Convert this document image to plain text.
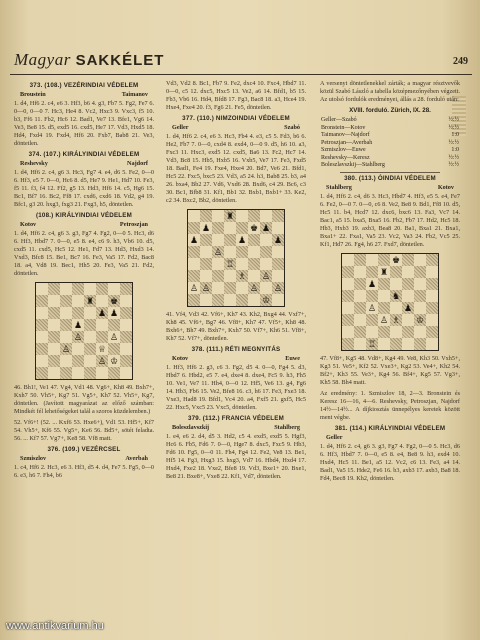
Magyar SAKKÉLET	249
373. (108.) VEZÉRINDIAI VÉDELEM
Broustein	Taimanov
1. d4, Hf6 2. c4, e6 3. Hf3, b6 4. g3, Fb7 5. Fg2, Fe7 6. 0—0, 0—0 7. Hc3, He4 8. Vc2, Hxc3 9. Vxc3, f5 10. b3, Ff6 11. Fb2, Hc6 12. Bad1, Ve7 13. Bfe1, Vg6 14. Ve3, Be8 15. d5, exd5 16. cxd5, He7 17. Vd3, Hxd5 18. Hd4, Fxd4 19. Fxd4, Hf6 20. Fxb7, Bab8 21. Ve3, döntetlen.
374. (107.) KIRÁLYINDIAI VÉDELEM
Reshevsky	Najdorf
1. d4, Hf6 2. c4, g6 3. Hc3, Fg7 4. e4, d6 5. Fe2, 0—0 6. Hf3, e5 7. 0—0, Hc6 8. d5, He7 9. He1, Hd7 10. Fe3, f5 11. f3, f4 12. Ff2, g5 13. Hd3, Hf6 14. c5, Hg6 15. Bc1, Bf7 16. Bc2, Ff8 17. cxd6, cxd6 18. Vd2, g4 19. Bfc1, g3 20. hxg3, fxg3 21. Fxg3, h5, döntetlen.
(108.) KIRÁLYINDIAI VÉDELEM
Kotov	Petroszjan
1. d4, Hf6 2. c4, g6 3. g3, Fg7 4. Fg2, 0—0 5. Hc3, d6 6. Hf3, Hbd7 7. 0—0, e5 8. e4, c6 9. h3, Vb6 10. d5, cxd5 11. cxd5, Hc5 12. He1, Fd7 13. Hd3, Hxd3 14. Vxd3, Bfc8 15. Be1, Bc7 16. Fe3, Va5 17. Fd2, Bac8 18. a4, Vd8 19. Bec1, Hh5 20. Fe3, Va5 21. Fd2, döntetlen.
♜ ♚
♟ ♟
♟
♙	♙
♙	♕
♙ ♔
46. Bh1!, Ve1 47. Vg4, Vd1 48. Vg6+, Kh8 49. Bxh7+, Kxh7 50. Vh5+, Kg7 51. Vg5+, Kh7 52. Vh5+, Kg7, döntetlen. (Javított magyarázat az előző számban: Mindkét fél lehetőségeket talál a szoros küzdelemben.)
52. Vf6+! (52. ... Kxf6 53. Hxe6+), Vd1 53. Hf5+, Kf7 54. Vh5+, Kf6 55. Vg5+, Ke6 56. Bd5+, sötét feladta. 56. ... Kf7 57. Vg7+, Ke8 58. Vf8 matt.
376. (109.) VEZÉRCSEL
Szmiszlov	Averbah
1. c4, Hf6 2. Hc3, e6 3. Hf3, d5 4. d4, Fe7 5. Fg5, 0—0 6. e3, h6 7. Fh4, b6
Vd3, Vd2 8. Bc1, Fb7 9. Fe2, dxc4 10. Fxc4, Hbd7 11. 0—0, c5 12. dxc5, Hxc5 13. Ve2, a6 14. Bfd1, b5 15. Fb3, Vb6 16. Hd4, Bfd8 17. Fg3, Bac8 18. a3, Hce4 19. Hxe4, Fxe4 20. f3, Fg6 21. Fe5, döntetlen.
377. (110.) NIMZOINDIAI VÉDELEM
Geller	Szabó
1. d4, Hf6 2. c4, e6 3. Hc3, Fb4 4. e3, c5 5. Fd3, b6 6. He2, Fb7 7. 0—0, cxd4 8. exd4, 0—0 9. d5, h6 10. a3, Fxc3 11. Hxc3, exd5 12. cxd5, Ba6 13. Fc2, Hc7 14. Vd3, Bc8 15. Hb5, Hxb5 16. Vxb5, Ve7 17. Fe3, Fxd5 18. Bad1, Fe4 19. Fxe4, Hxe4 20. Bd7, Ve6 21. Bfd1, Hc5 22. Fxc5, bxc5 23. Vd3, a5 24. h3, Bab8 25. b3, a4 26. bxa4, Bb2 27. Vd6, Vxd6 28. Bxd6, c4 29. Bc6, c3 30. Bc1, Bfb8 31. Kf1, Bb1 32. Bxb1, Bxb1+ 33. Ke2, c2 34. Bxc2, Bb2, döntetlen.
♜
♟	♚ ♟
♟	♟	♟
♙
♖
♗ ♙
♙ ♙	♙ ♙
♔
41. Vf4, Vd3 42. Vf6+, Kh7 43. Kh2, Bxg4 44. Vxf7+, Kh8 45. Vf6+, Bg7 46. Vf8+, Kh7 47. Vf5+, Kh8 48. Bxh6+, Bh7 49. Bxh7+, Kxh7 50. Vf7+, Kh6 51. Vf8+, Kh7 52. Vf7+, döntetlen.
378. (111.) RÉTI MEGNYITÁS
Kotov	Euwe
1. Hf3, Hf6 2. g3, c6 3. Fg2, d5 4. 0—0, Fg4 5. d3, Hbd7 6. Hbd2, e5 7. e4, dxe4 8. dxe4, Fc5 9. h3, Fh5 10. Ve1, Ve7 11. Hh4, 0—0 12. Hf5, Ve6 13. g4, Fg6 14. Hb3, Fb6 15. Ve2, Bfe8 16. c3, h6 17. Fe3, Fxe3 18. Vxe3, Had8 19. Bfd1, Vc4 20. a4, Fxf5 21. gxf5, Hc5 22. Hxc5, Vxc5 23. Vxc5, döntetlen.
379. (112.) FRANCIA VÉDELEM
Boleszlavszkij	Stahlberg
1. e4, e6 2. d4, d5 3. Hd2, c5 4. exd5, exd5 5. Hgf3, Hc6 6. Fb5, Fd6 7. 0—0, Hge7 8. dxc5, Fxc5 9. Hb3, Fd6 10. Fg5, 0—0 11. Fh4, Fg4 12. Fe2, Ve8 13. Be1, Hf5 14. Fg3, Hxg3 15. hxg3, Vd7 16. Hbd4, Hxd4 17. Hxd4, Fxe2 18. Vxe2, Bfe8 19. Vd3, Bxe1+ 20. Bxe1, Be8 21. Bxe8+, Vxe8 22. Kf1, Vd7, döntetlen.
A versenyt döntetlenekkel zárták; a magyar résztvevők közül Szabó László a tabella középmezőnyében végzett. Az utolsó fordulók eredményei, állás a 28. forduló után:
XVIII. forduló. Zürich, IX. 28.
Geller—Szabó	½:½
Bronstein—Kotov	½:½
Taimanov—Najdorf	1:0
Petroszjan—Averbah	½:½
Szmiszlov—Euwe	1:0
Reshevsky—Keresz	½:½
Boleszlavszkij—Stahlberg	½:½
380. (113.) ÓINDIAI VÉDELEM
Stahlberg	Kotov
1. d4, Hf6 2. c4, d6 3. Hc3, Hbd7 4. Hf3, e5 5. e4, Fe7 6. Fe2, 0—0 7. 0—0, c6 8. Ve2, Be8 9. Bd1, Ff8 10. d5, Hc5 11. b4, Hcd7 12. dxc6, bxc6 13. Fa3, Vc7 14. Bac1, a5 15. bxa5, Bxa5 16. Fb2, Fb7 17. Hd2, Hc5 18. Hb3, Hxb3 19. axb3, Bea8 20. Ba1, Bxa1 21. Bxa1, Bxa1+ 22. Fxa1, Va5 23. Vc2, Va3 24. Fb2, Vc5 25. Kf1, Hd7 26. Fg4, h6 27. Fxd7, döntetlen.
♚
♜
♟
♞
♙	♟
♙ ♗ ♔
♖
47. Vf8+, Kg5 48. Vd8+, Kg4 49. Ve8, Kh3 50. Vxh5+, Kg3 51. Ve5+, Kf2 52. Vxe3+, Kg2 53. Ve4+, Kh2 54. Bf2+, Kh3 55. Ve3+, Kg4 56. Bf4+, Kg5 57. Vg3+, Kh5 58. Bh4 matt.
Az eredmény: 1. Szmiszlov 18, 2—3. Bronstein és Keresz 16—16, 4—6. Reshevsky, Petroszjan, Najdorf 14½—14½... A díjkiosztás ünnepélyes keretek között ment végbe.
381. (114.) KIRÁLYINDIAI VÉDELEM
Geller
1. d4, Hf6 2. c4, g6 3. g3, Fg7 4. Fg2, 0—0 5. Hc3, d6 6. Hf3, Hbd7 7. 0—0, e5 8. e4, Be8 9. h3, exd4 10. Hxd4, Hc5 11. Be1, a5 12. Vc2, c6 13. Fe3, a4 14. Bad1, Va5 15. Hde2, Fe6 16. b3, axb3 17. axb3, Ba8 18. Fd4, Bec8 19. Kh2, döntetlen.
www.antikvarium.hu
